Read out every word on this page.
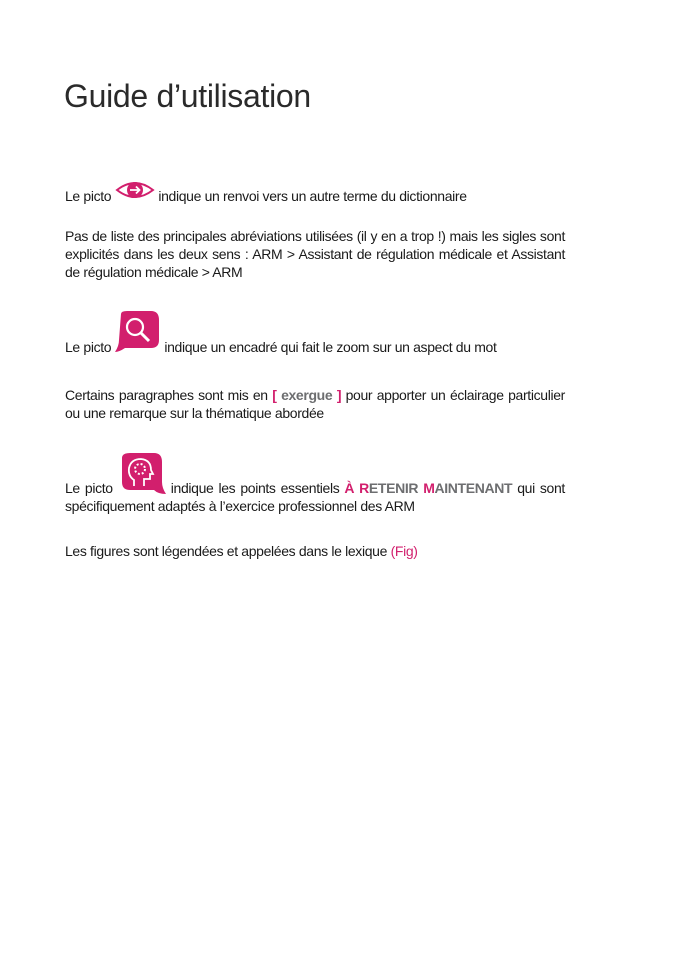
Guide d’utilisation

Le picto	indique un renvoi vers un autre terme du dictionnaire

Pas de liste des principales abréviations utilisées (il y en a trop !) mais les sigles sont explicités dans les deux sens : ARM > Assistant de régulation médicale et Assistant de régulation médicale > ARM

Le picto	indique un encadré qui fait le zoom sur un aspect du mot

Certains paragraphes sont mis en [ exergue ] pour apporter un éclairage particulier ou une remarque sur la thématique abordée

Le picto	indique les points essentiels À RETENIR MAINTENANT qui sont spécifiquement adaptés à l’exercice professionnel des ARM

Les figures sont légendées et appelées dans le lexique (Fig)
